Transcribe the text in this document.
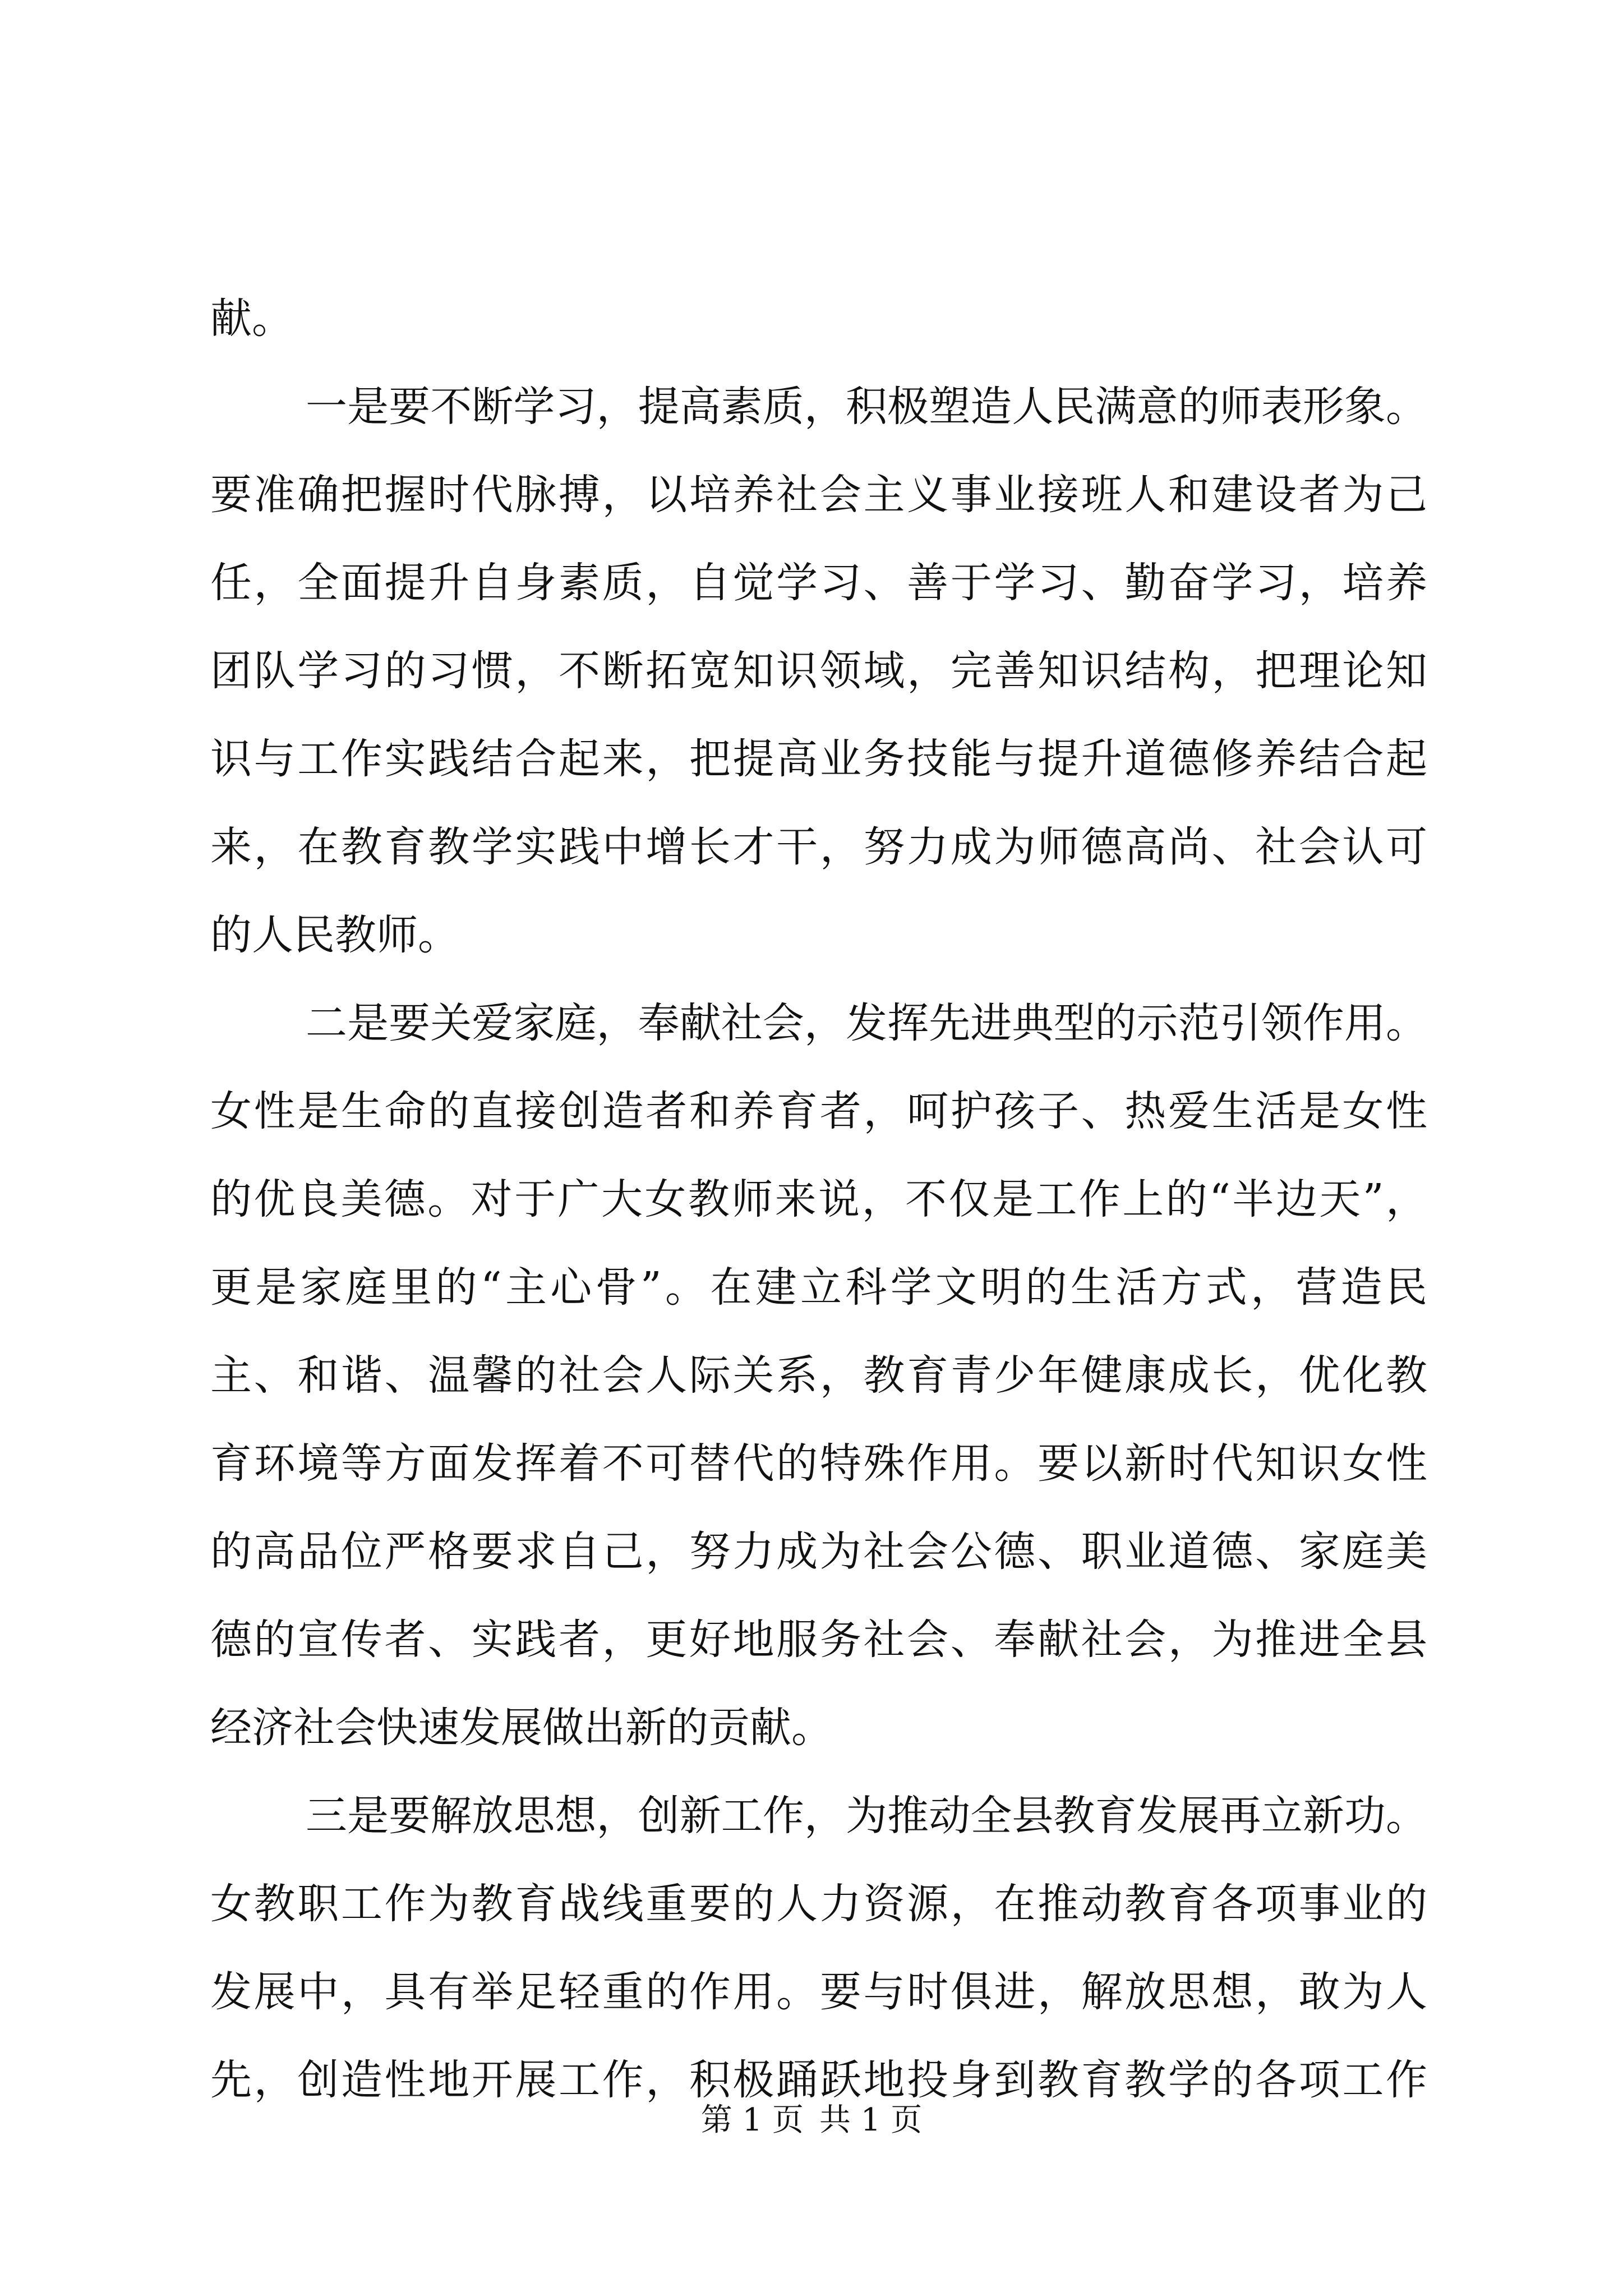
献。
一是要不断学习，提高素质，积极塑造人民满意的师表形象。
要准确把握时代脉搏，以培养社会主义事业接班人和建设者为己
任，全面提升自身素质，自觉学习、善于学习、勤奋学习，培养
团队学习的习惯，不断拓宽知识领域，完善知识结构，把理论知
识与工作实践结合起来，把提高业务技能与提升道德修养结合起
来，在教育教学实践中增长才干，努力成为师德高尚、社会认可
的人民教师。
二是要关爱家庭，奉献社会，发挥先进典型的示范引领作用。
女性是生命的直接创造者和养育者，呵护孩子、热爱生活是女性
的优良美德。对于广大女教师来说，不仅是工作上的“半边天”，
更是家庭里的“主心骨”。在建立科学文明的生活方式，营造民
主、和谐、温馨的社会人际关系，教育青少年健康成长，优化教
育环境等方面发挥着不可替代的特殊作用。要以新时代知识女性
的高品位严格要求自己，努力成为社会公德、职业道德、家庭美
德的宣传者、实践者，更好地服务社会、奉献社会，为推进全县
经济社会快速发展做出新的贡献。
三是要解放思想，创新工作，为推动全县教育发展再立新功。
女教职工作为教育战线重要的人力资源，在推动教育各项事业的
发展中，具有举足轻重的作用。要与时俱进，解放思想，敢为人
先，创造性地开展工作，积极踊跃地投身到教育教学的各项工作
第 1 页 共 1 页
